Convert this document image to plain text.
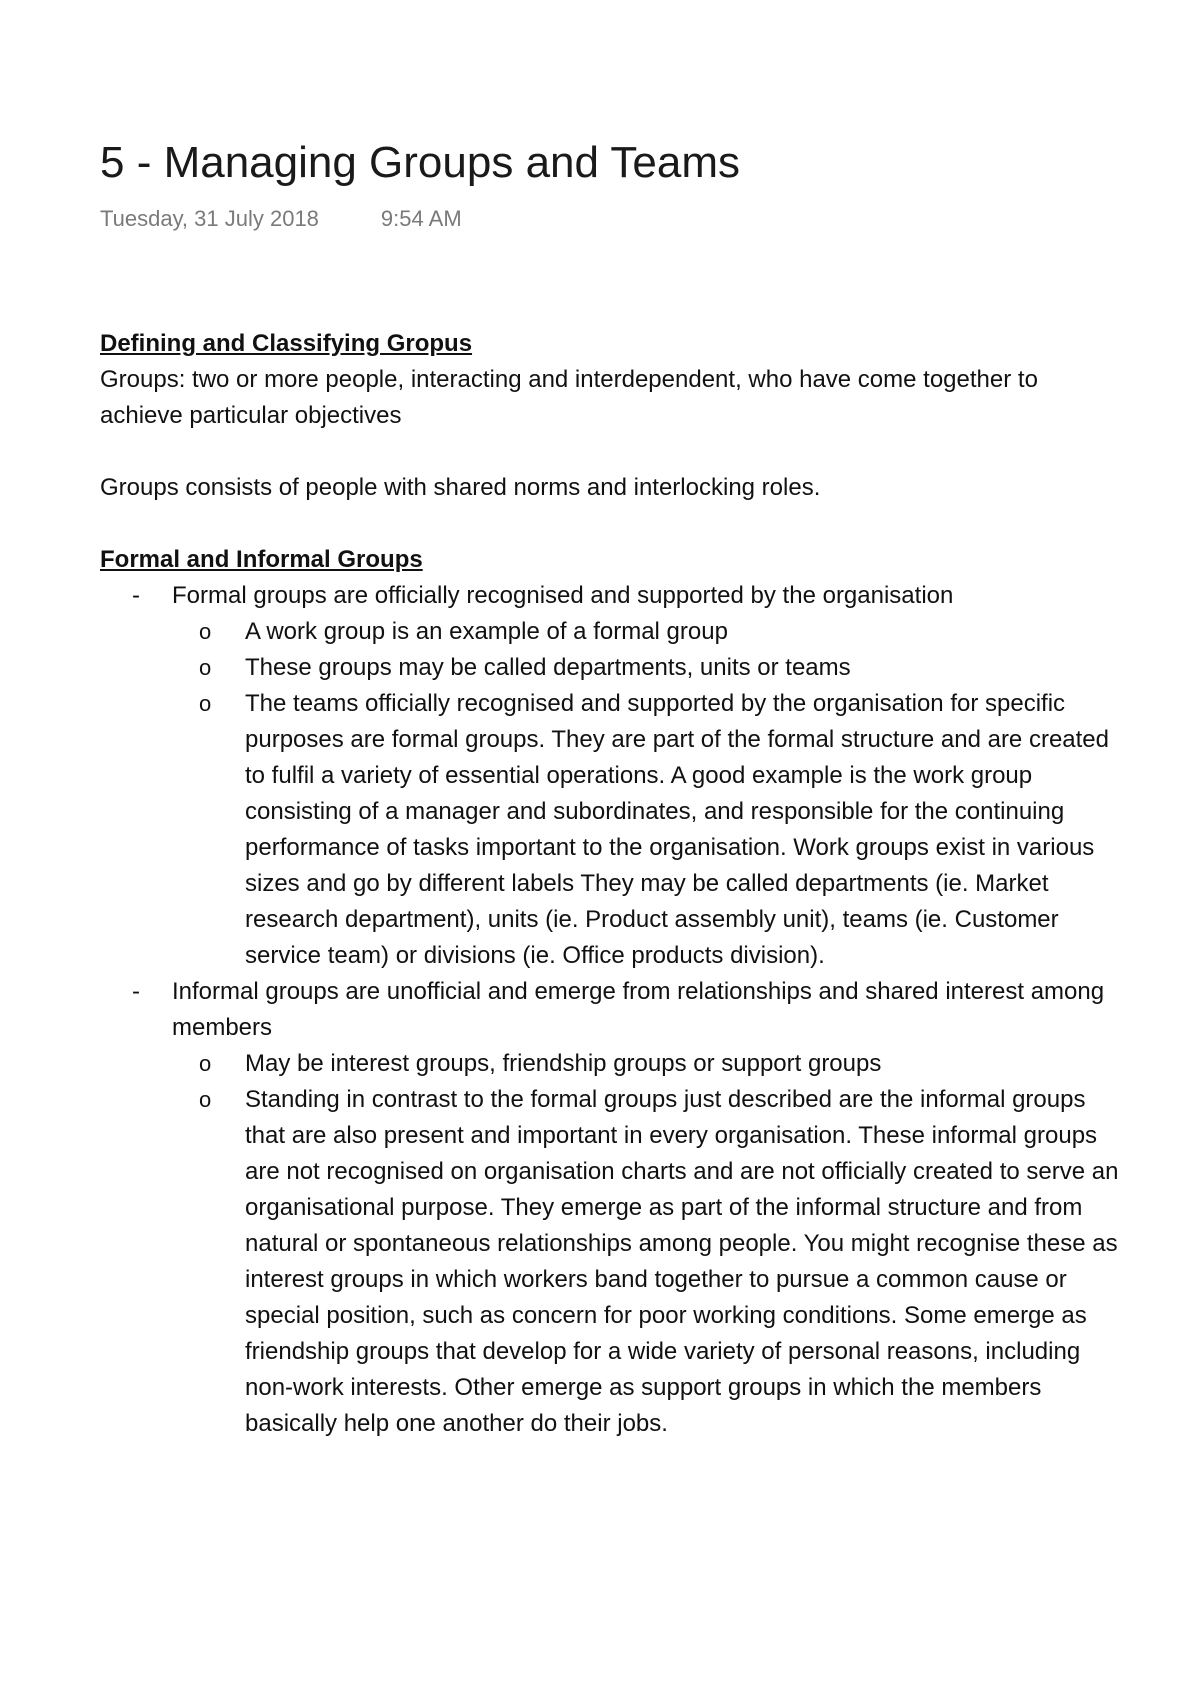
5 - Managing Groups and Teams
Tuesday, 31 July 2018	9:54 AM

Defining and Classifying Gropus

Groups: two or more people, interacting and interdependent, who have come together to achieve particular objectives

Groups consists of people with shared norms and interlocking roles.

Formal and Informal Groups

- Formal groups are officially recognised and supported by the organisation
o A work group is an example of a formal group
o These groups may be called departments, units or teams
o The teams officially recognised and supported by the organisation for specific purposes are formal groups. They are part of the formal structure and are created to fulfil a variety of essential operations. A good example is the work group consisting of a manager and subordinates, and responsible for the continuing performance of tasks important to the organisation. Work groups exist in various sizes and go by different labels They may be called departments (ie. Market research department), units (ie. Product assembly unit), teams (ie. Customer service team) or divisions (ie. Office products division).
- Informal groups are unofficial and emerge from relationships and shared interest among members
o May be interest groups, friendship groups or support groups
o Standing in contrast to the formal groups just described are the informal groups that are also present and important in every organisation. These informal groups are not recognised on organisation charts and are not officially created to serve an organisational purpose. They emerge as part of the informal structure and from natural or spontaneous relationships among people. You might recognise these as interest groups in which workers band together to pursue a common cause or special position, such as concern for poor working conditions. Some emerge as friendship groups that develop for a wide variety of personal reasons, including non-work interests. Other emerge as support groups in which the members basically help one another do their jobs.
